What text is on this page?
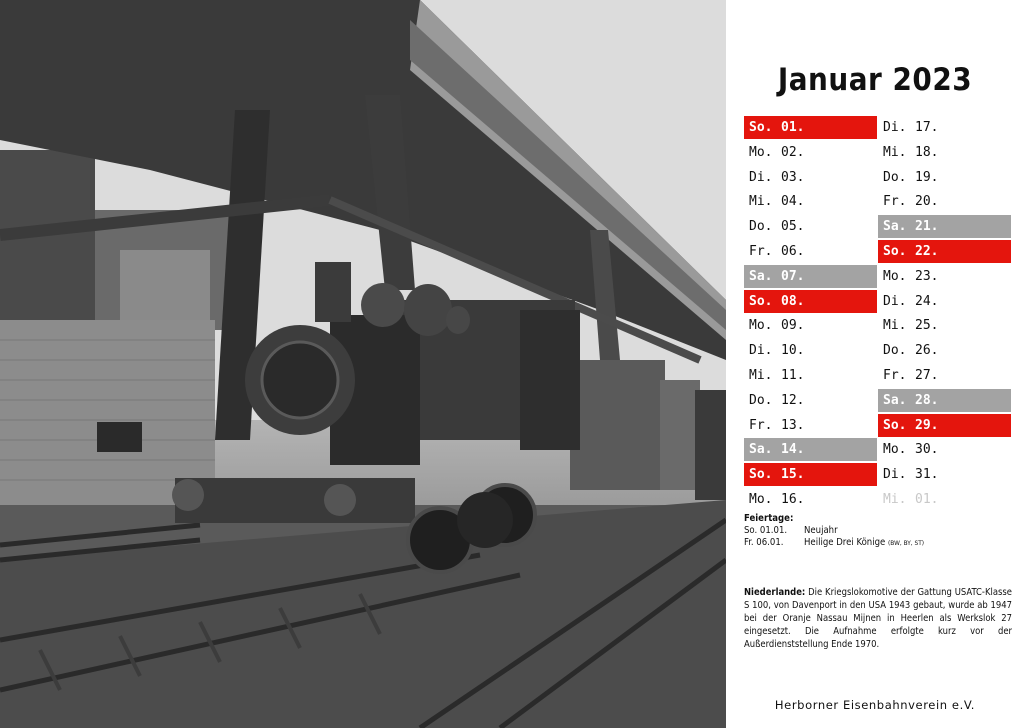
Januar 2023
So. 01.
Mo. 02.
Di. 03.
Mi. 04.
Do. 05.
Fr. 06.
Sa. 07.
So. 08.
Mo. 09.
Di. 10.
Mi. 11.
Do. 12.
Fr. 13.
Sa. 14.
So. 15.
Mo. 16.
Di. 17.
Mi. 18.
Do. 19.
Fr. 20.
Sa. 21.
So. 22.
Mo. 23.
Di. 24.
Mi. 25.
Do. 26.
Fr. 27.
Sa. 28.
So. 29.
Mo. 30.
Di. 31.
Mi. 01.
Feiertage:
So. 01.01. Neujahr
Fr. 06.01. Heilige Drei Könige (BW, BY, ST)
Niederlande: Die Kriegslokomotive der Gattung USATC-Klasse S 100, von Davenport in den USA 1943 gebaut, wurde ab 1947 bei der Oranje Nassau Mijnen in Heerlen als Werkslok 27 eingesetzt. Die Aufnahme erfolgte kurz vor der Außerdienststellung Ende 1970.
Herborner Eisenbahnverein e.V.
